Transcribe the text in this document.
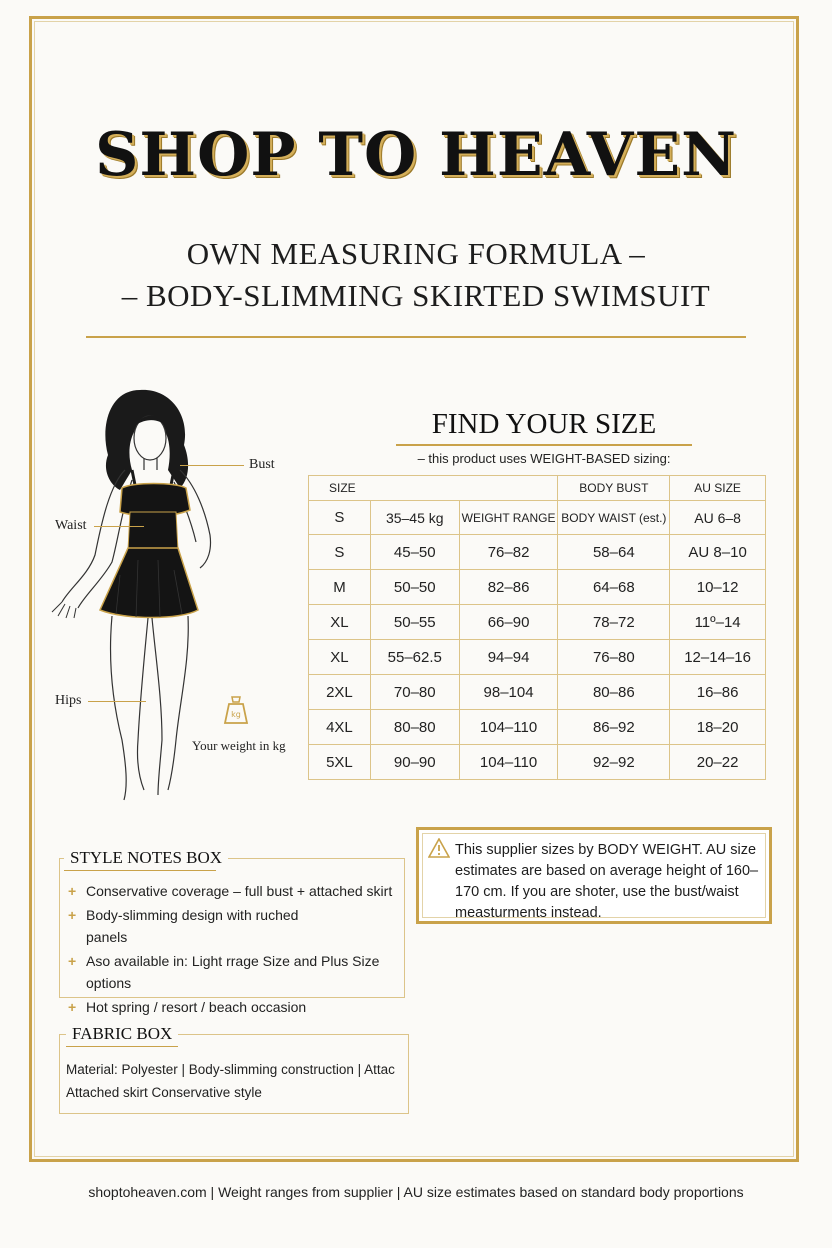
SHOP TO HEAVEN
OWN MEASURING FORMULA –
– BODY-SLIMMING SKIRTED SWIMSUIT
Bust
Waist
Hips
kg
Your weight in kg
FIND YOUR SIZE
– this product uses WEIGHT-BASED sizing:
SIZE			BODY BUST	AU SIZE
S	35–45 kg	WEIGHT RANGE	BODY WAIST (est.)	AU 6–8
S	45–50	76–82	58–64	AU 8–10
M	50–50	82–86	64–68	10–12
XL	50–55	66–90	78–72	11º–14
XL	55–62.5	94–94	76–80	12–14–16
2XL	70–80	98–104	80–86	16–86
4XL	80–80	104–110	86–92	18–20
5XL	90–90	104–110	92–92	20–22
This supplier sizes by BODY WEIGHT. AU size estimates are based on average height of 160–170 cm. If you are shoter, use the bust/waist measturments instead.
STYLE NOTES BOX
+ Conservative coverage – full bust + attached skirt
+ Body-slimming design with ruched panels
+ Aso available in: Light rrage Size and Plus Size options
+ Hot spring / resort / beach occasion
FABRIC BOX
Material: Polyester | Body-slimming construction | Attac
Attached skirt Conservative style
shoptoheaven.com | Weight ranges from supplier | AU size estimates based on standard body proportions
